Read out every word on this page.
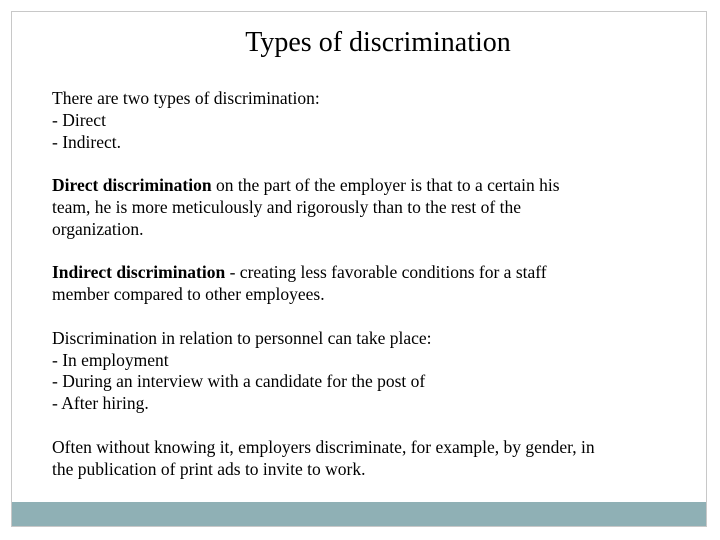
Types of discrimination
There are two types of discrimination:
- Direct
- Indirect.
Direct discrimination on the part of the employer is that to a certain his
team, he is more meticulously and rigorously than to the rest of the
organization.
Indirect discrimination - creating less favorable conditions for a staff
member compared to other employees.
Discrimination in relation to personnel can take place:
- In employment
- During an interview with a candidate for the post of
- After hiring.
Often without knowing it, employers discriminate, for example, by gender, in
the publication of print ads to invite to work.
